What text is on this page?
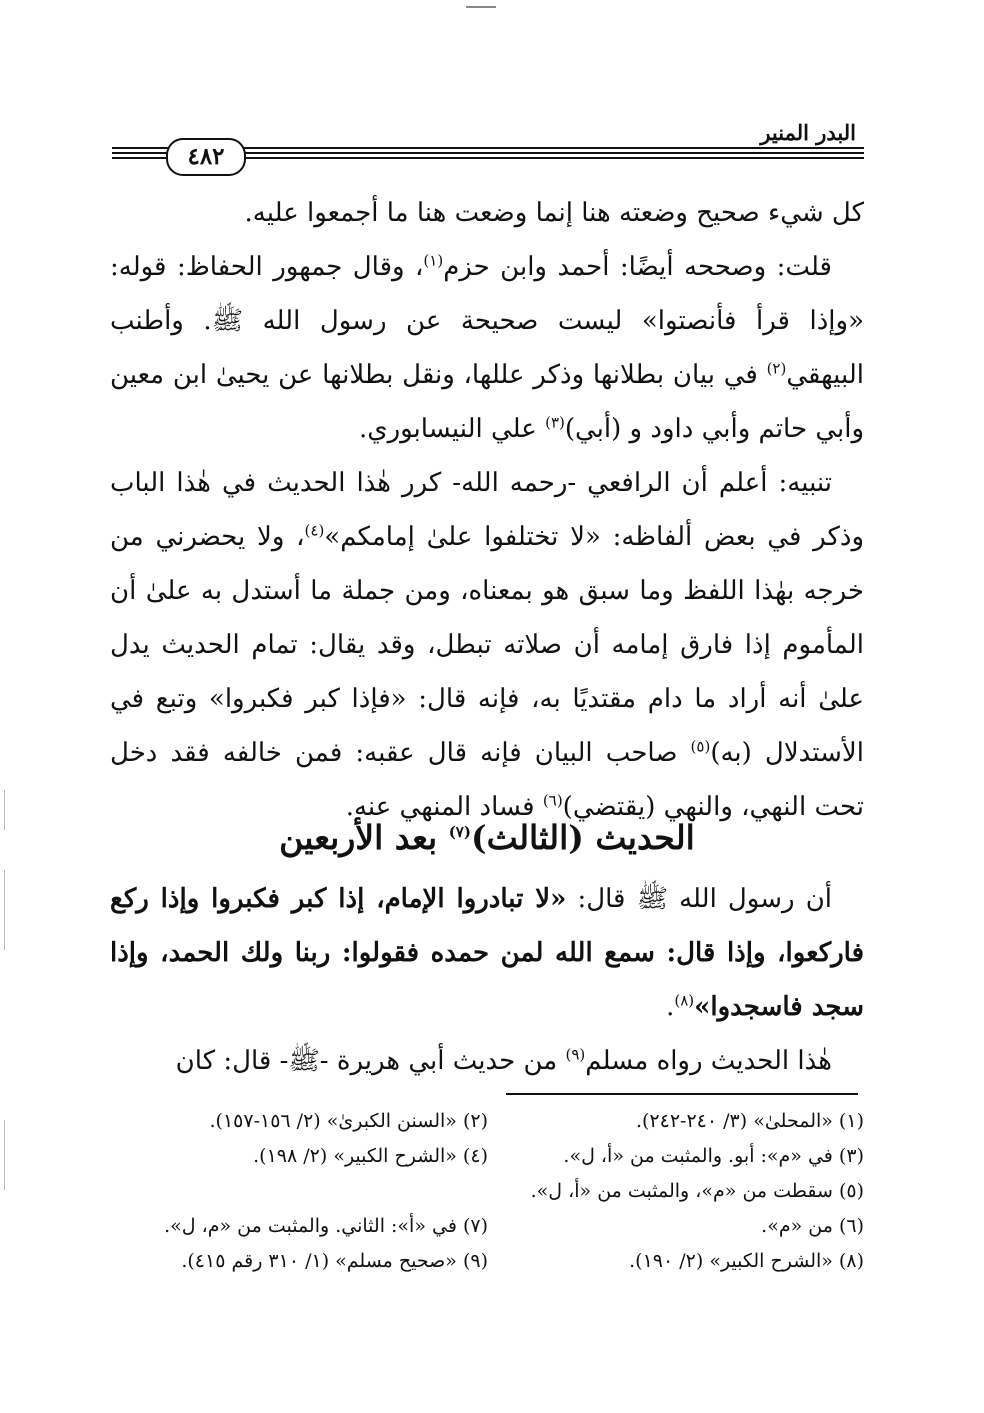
البدر المنير
٤٨٢

كل شيء صحيح وضعته هنا إنما وضعت هنا ما أجمعوا عليه.

قلت: وصححه أيضًا: أحمد وابن حزم$^{(١)}$، وقال جمهور الحفاظ: قوله: «وإذا قرأ فأنصتوا» ليست صحيحة عن رسول الله ﷺ. وأطنب البيهقي$^{(٢)}$ في بيان بطلانها وذكر عللها، ونقل بطلانها عن يحيىٰ ابن معين وأبي حاتم وأبي داود و (أبي)$^{(٣)}$ علي النيسابوري.

تنبيه: أعلم أن الرافعي -رحمه الله- كرر هٰذا الحديث في هٰذا الباب وذكر في بعض ألفاظه: «لا تختلفوا علىٰ إمامكم»$^{(٤)}$، ولا يحضرني من خرجه بهٰذا اللفظ وما سبق هو بمعناه، ومن جملة ما أستدل به علىٰ أن المأموم إذا فارق إمامه أن صلاته تبطل، وقد يقال: تمام الحديث يدل علىٰ أنه أراد ما دام مقتديًا به، فإنه قال: «فإذا كبر فكبروا» وتبع في الأستدلال (به)$^{(٥)}$ صاحب البيان فإنه قال عقبه: فمن خالفه فقد دخل تحت النهي، والنهي (يقتضي)$^{(٦)}$ فساد المنهي عنه.

الحديث (الثالث)$^{(٧)}$ بعد الأربعين

أن رسول الله ﷺ قال: «لا تبادروا الإمام، إذا كبر فكبروا وإذا ركع فاركعوا، وإذا قال: سمع الله لمن حمده فقولوا: ربنا ولك الحمد، وإذا سجد فاسجدوا»$^{(٨)}$.

هٰذا الحديث رواه مسلم$^{(٩)}$ من حديث أبي هريرة -ﷺ- قال: كان

(١) «المحلىٰ» (٣/ ٢٤٠-٢٤٢).
(٢) «السنن الكبرىٰ» (٢/ ١٥٦-١٥٧).
(٣) في «م»: أبو. والمثبت من «أ، ل».
(٤) «الشرح الكبير» (٢/ ١٩٨).
(٥) سقطت من «م»، والمثبت من «أ، ل».
(٦) من «م».
(٧) في «أ»: الثاني. والمثبت من «م، ل».
(٨) «الشرح الكبير» (٢/ ١٩٠).
(٩) «صحيح مسلم» (١/ ٣١٠ رقم ٤١٥).
